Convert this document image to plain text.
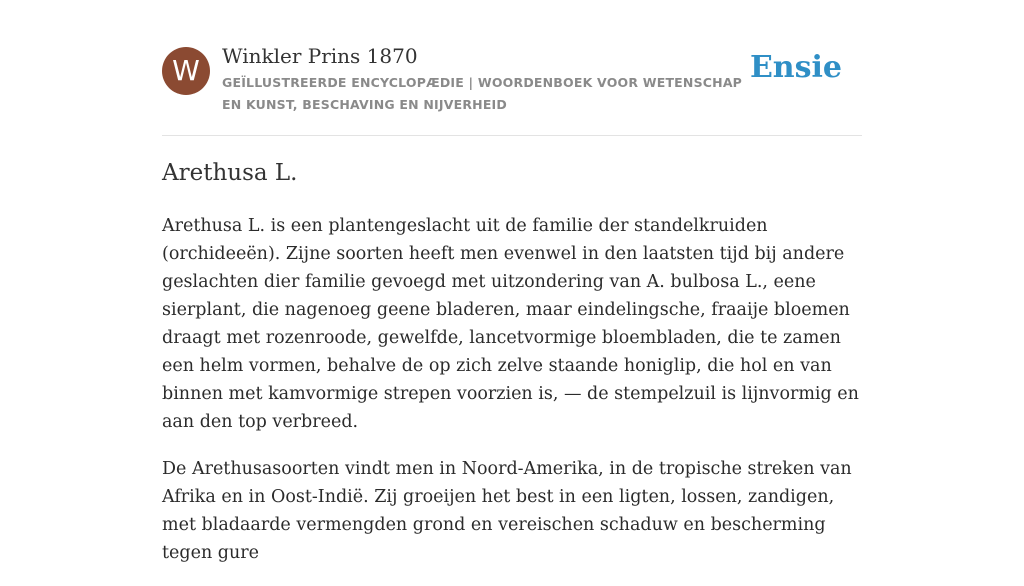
W	Winkler Prins 1870
GEÏLLUSTREERDE ENCYCLOPÆDIE | WOORDENBOEK VOOR WETENSCHAP EN KUNST, BESCHAVING EN NIJVERHEID
Ensie
Arethusa L.

Arethusa L. is een plantengeslacht uit de familie der standelkruiden (orchideeën). Zijne soorten heeft men evenwel in den laatsten tijd bij andere geslachten dier familie gevoegd met uitzondering van A. bulbosa L., eene sierplant, die nagenoeg geene bladeren, maar eindelingsche, fraaije bloemen draagt met rozenroode, gewelfde, lancetvormige bloembladen, die te zamen een helm vormen, behalve de op zich zelve staande honiglip, die hol en van binnen met kamvormige strepen voorzien is, — de stempelzuil is lijnvormig en aan den top verbreed.

De Arethusasoorten vindt men in Noord-Amerika, in de tropische streken van Afrika en in Oost-Indië. Zij groeijen het best in een ligten, lossen, zandigen, met bladaarde vermengden grond en vereischen schaduw en bescherming tegen gure
